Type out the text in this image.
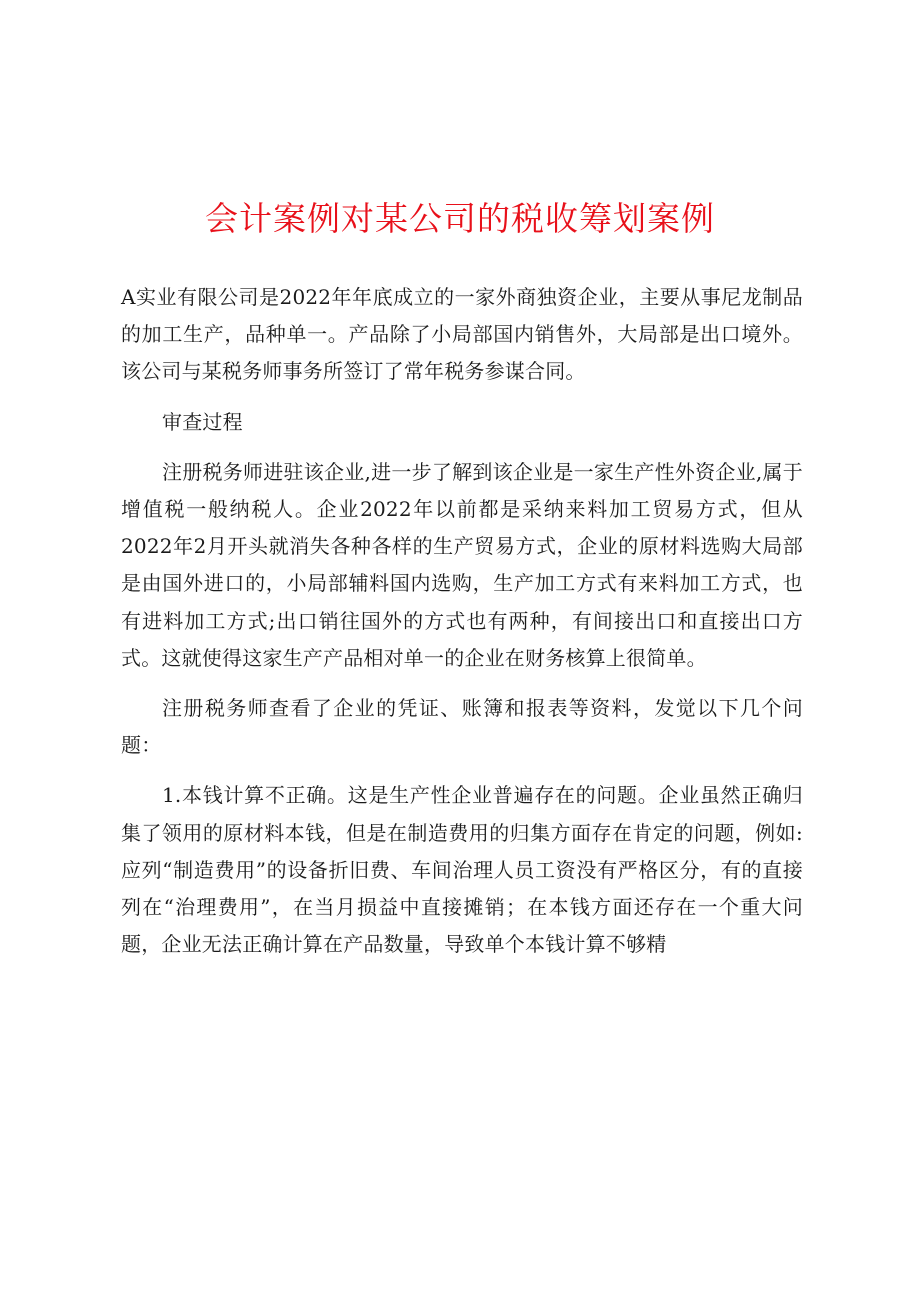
会计案例对某公司的税收筹划案例

A实业有限公司是2022年年底成立的一家外商独资企业，主要从事尼龙制品的加工生产，品种单一。产品除了小局部国内销售外，大局部是出口境外。该公司与某税务师事务所签订了常年税务参谋合同。

审查过程

注册税务师进驻该企业,进一步了解到该企业是一家生产性外资企业,属于增值税一般纳税人。企业2022年以前都是采纳来料加工贸易方式，但从2022年2月开头就消失各种各样的生产贸易方式，企业的原材料选购大局部是由国外进口的，小局部辅料国内选购，生产加工方式有来料加工方式，也有进料加工方式;出口销往国外的方式也有两种，有间接出口和直接出口方式。这就使得这家生产产品相对单一的企业在财务核算上很简单。

注册税务师查看了企业的凭证、账簿和报表等资料，发觉以下几个问题：

1.本钱计算不正确。这是生产性企业普遍存在的问题。企业虽然正确归集了领用的原材料本钱，但是在制造费用的归集方面存在肯定的问题，例如:应列“制造费用”的设备折旧费、车间治理人员工资没有严格区分，有的直接列在“治理费用”，在当月损益中直接摊销；在本钱方面还存在一个重大问题，企业无法正确计算在产品数量，导致单个本钱计算不够精
